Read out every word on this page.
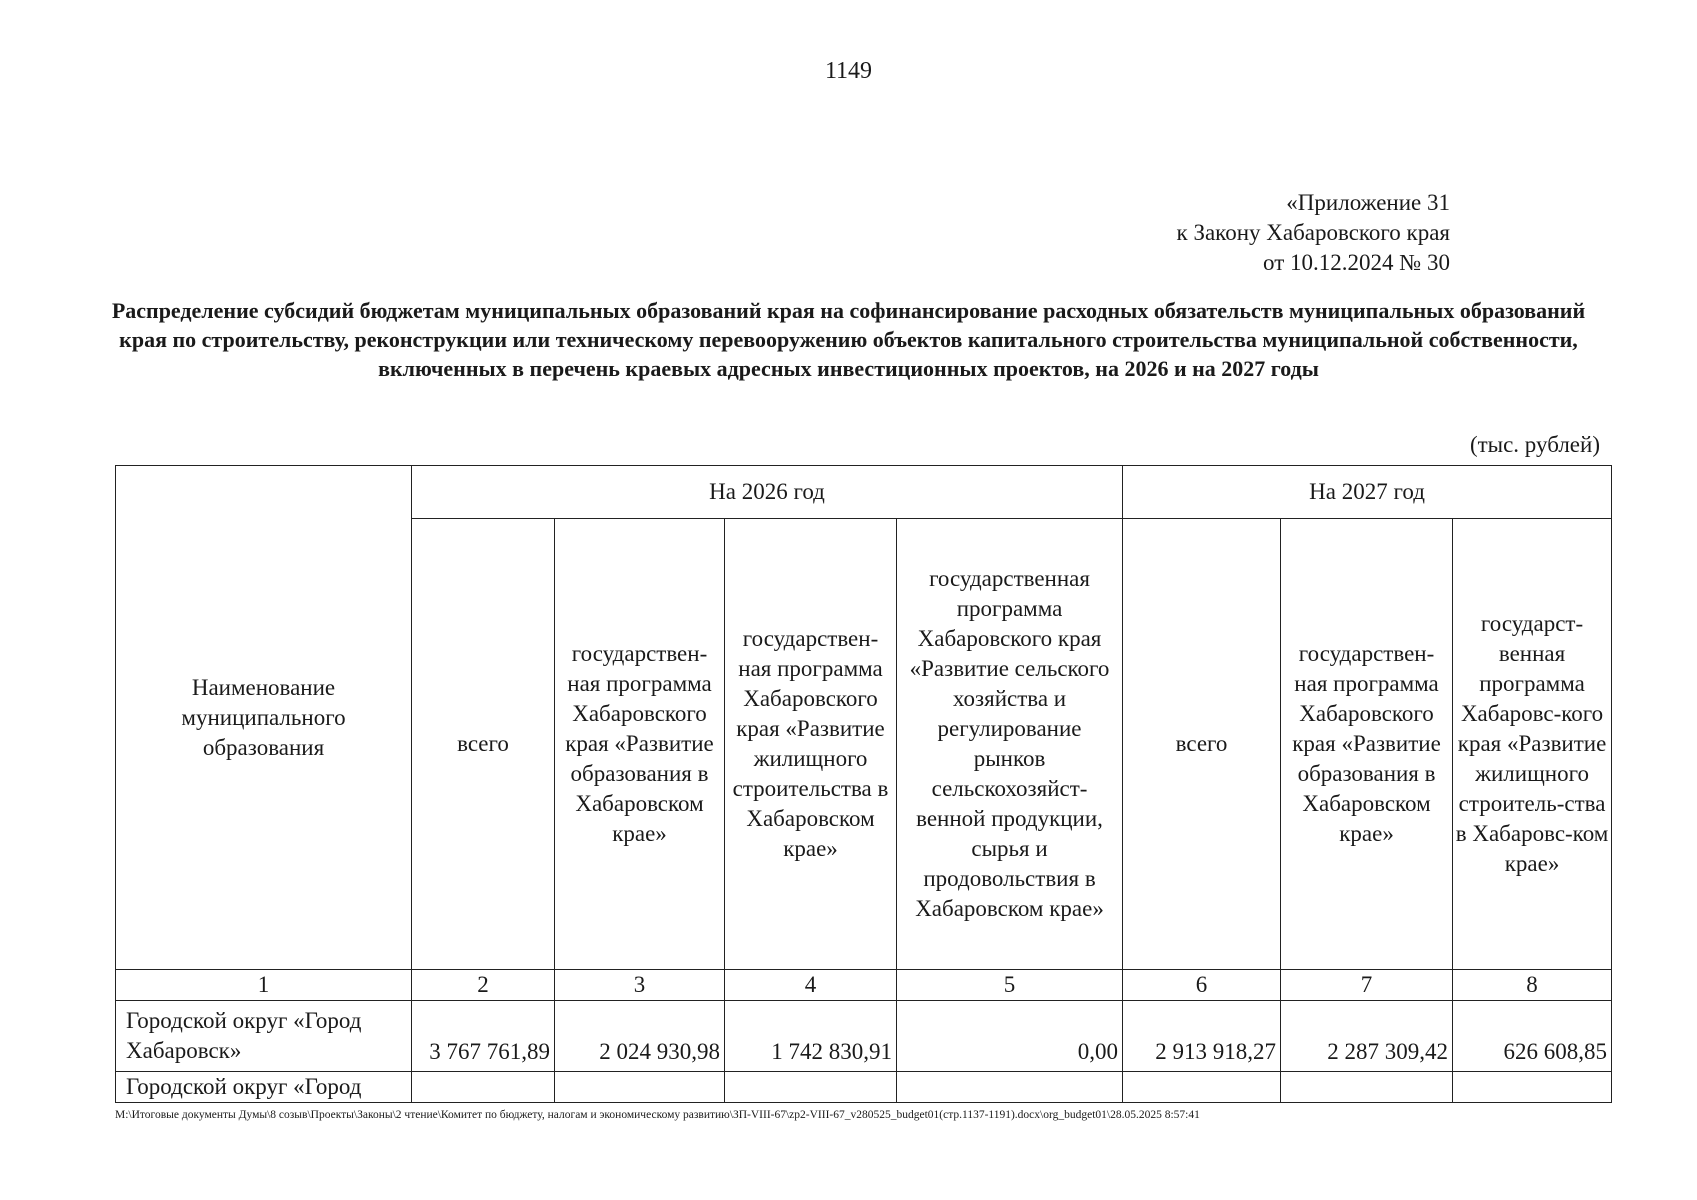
1149
«Приложение 31
к Закону Хабаровского края
от 10.12.2024 № 30
Распределение субсидий бюджетам муниципальных образований края на софинансирование расходных обязательств муниципальных образований края по строительству, реконструкции или техническому перевооружению объектов капитального строительства муниципальной собственности, включенных в перечень краевых адресных инвестиционных проектов, на 2026 и на 2027 годы
(тыс. рублей)
Наименование муниципального образования	На 2026 год				На 2027 год		
	всего	государствен-ная программа Хабаровского края «Развитие образования в Хабаровском крае»	государствен-ная программа Хабаровского края «Развитие жилищного строительства в Хабаровском крае»	государственная программа Хабаровского края «Развитие сельского хозяйства и регулирование рынков сельскохозяйст-венной продукции, сырья и продовольствия в Хабаровском крае»	всего	государствен-ная программа Хабаровского края «Развитие образования в Хабаровском крае»	государст-венная программа Хабаровс-кого края «Развитие жилищного строитель-ства в Хабаровс-ком крае»
1	2	3	4	5	6	7	8
Городской округ «Город Хабаровск»	3 767 761,89	2 024 930,98	1 742 830,91	0,00	2 913 918,27	2 287 309,42	626 608,85
Городской округ «Город							
M:\Итоговые документы Думы\8 созыв\Проекты\Законы\2 чтение\Комитет по бюджету, налогам и экономическому развитию\ЗП-VIII-67\zp2-VIII-67_v280525_budget01(стр.1137-1191).docx\org_budget01\28.05.2025 8:57:41
